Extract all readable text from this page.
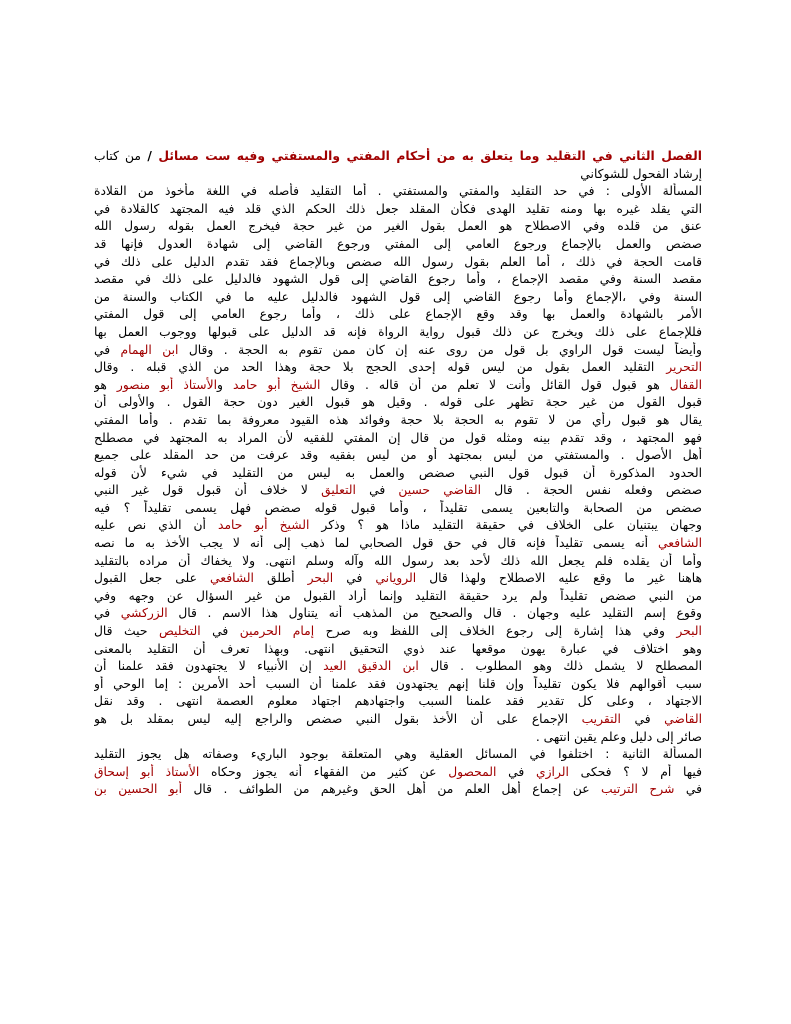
الفصل الثاني في التقليد وما يتعلق به من أحكام المفتي والمستفتي وفيه ست مسائل / من كتاب
إرشاد الفحول للشوكاني
المسألة الأولى : في حد التقليد والمفتي والمستفتي . أما التقليد فأصله في اللغة مأخوذ من القلادة
التي يقلد غيره بها ومنه تقليد الهدى فكأن المقلد جعل ذلك الحكم الذي قلد فيه المجتهد كالقلادة في
عنق من قلده وفي الاصطلاح هو العمل بقول الغير من غير حجة فيخرج العمل بقوله رسول الله
صضص والعمل بالإجماع ورجوع العامي إلى المفتي ورجوع القاضي إلى شهادة العدول فإنها قد
قامت الحجة في ذلك ، أما العلم بقول رسول الله صضص وبالإجماع فقد تقدم الدليل على ذلك في
مقصد السنة وفي مقصد الإجماع ، وأما رجوع القاضي إلى قول الشهود فالدليل على ذلك في مقصد
السنة وفي ،الإجماع وأما رجوع القاضي إلى قول الشهود فالدليل عليه ما في الكتاب والسنة من
الأمر بالشهادة والعمل بها وقد وقع الإجماع على ذلك ، وأما رجوع العامي إلى قول المفتي
فللإجماع على ذلك ويخرج عن ذلك قبول رواية الرواة فإنه قد الدليل على قبولها ووجوب العمل بها
وأيضاً ليست قول الراوي بل قول من روى عنه إن كان ممن تقوم به الحجة . وقال ابن الهمام في
التحرير التقليد العمل بقول من ليس قوله إحدى الحجج بلا حجة وهذا الحد من الذي قبله . وقال
القفال هو قبول قول القائل وأنت لا تعلم من أن قاله . وقال الشيخ أبو حامد والأستاذ أبو منصور هو
قبول القول من غير حجة تظهر على قوله . وقيل هو قبول الغير دون حجة القول . والأولى أن
يقال هو قبول رأي من لا تقوم به الحجة بلا حجة وفوائد هذه القيود معروفة بما تقدم . وأما المفتي
فهو المجتهد ، وقد تقدم بينه ومثله قول من قال إن المفتي للفقيه لأن المراد به المجتهد في مصطلح
أهل الأصول . والمستفتي من ليس بمجتهد أو من ليس بفقيه وقد عرفت من حد المقلد على جميع
الحدود المذكورة أن قبول قول النبي صضص والعمل به ليس من التقليد في شيء لأن قوله
صضص وفعله نفس الحجة . قال القاضي حسين في التعليق لا خلاف أن قبول قول غير النبي
صضص من الصحابة والتابعين يسمى تقليداً ، وأما قبول قوله صضص فهل يسمى تقليداً ؟ فيه
وجهان يبتنيان على الخلاف في حقيقة التقليد ماذا هو ؟ وذكر الشيخ أبو حامد أن الذي نص عليه
الشافعي أنه يسمى تقليداً فإنه قال في حق قول الصحابي لما ذهب إلى أنه لا يجب الأخذ به ما نصه
وأما أن يقلده فلم يجعل الله ذلك لأحد بعد رسول الله وآله وسلم انتهى. ولا يخفاك أن مراده بالتقليد
هاهنا غير ما وقع عليه الاصطلاح ولهذا قال الروياني في البحر أطلق الشافعي على جعل القبول
من النبي صضص تقليداً ولم يرد حقيقة التقليد وإنما أراد القبول من غير السؤال عن وجهه وفي
وقوع إسم التقليد عليه وجهان . قال والصحيح من المذهب أنه يتناول هذا الاسم . قال الزركشي في
البحر وفي هذا إشارة إلى رجوع الخلاف إلى اللفظ وبه صرح إمام الحرمين في التخليص حيث قال
وهو اختلاف في عبارة يهون موقعها عند ذوي التحقيق انتهى. وبهذا تعرف أن التقليد بالمعنى
المصطلح لا يشمل ذلك وهو المطلوب . قال ابن الدقيق العيد إن الأنبياء لا يجتهدون فقد علمنا أن
سبب أقوالهم فلا يكون تقليداً وإن قلنا إنهم يجتهدون فقد علمنا أن السبب أحد الأمرين : إما الوحي أو
الاجتهاد ، وعلى كل تقدير فقد علمنا السبب واجتهادهم اجتهاد معلوم العصمة انتهى . وقد نقل
القاضي في التقريب الإجماع على أن الأخذ بقول النبي صضص والراجع إليه ليس بمقلد بل هو
صائر إلى دليل وعلم يقين انتهى .
المسألة الثانية : اختلفوا في المسائل العقلية وهي المتعلقة بوجود الباريء وصفاته هل يجوز التقليد
فيها أم لا ؟ فحكى الرازي في المحصول عن كثير من الفقهاء أنه يجوز وحكاه الأستاذ أبو إسحاق
في شرح الترتيب عن إجماع أهل العلم من أهل الحق وغيرهم من الطوائف . قال أبو الحسين بن
